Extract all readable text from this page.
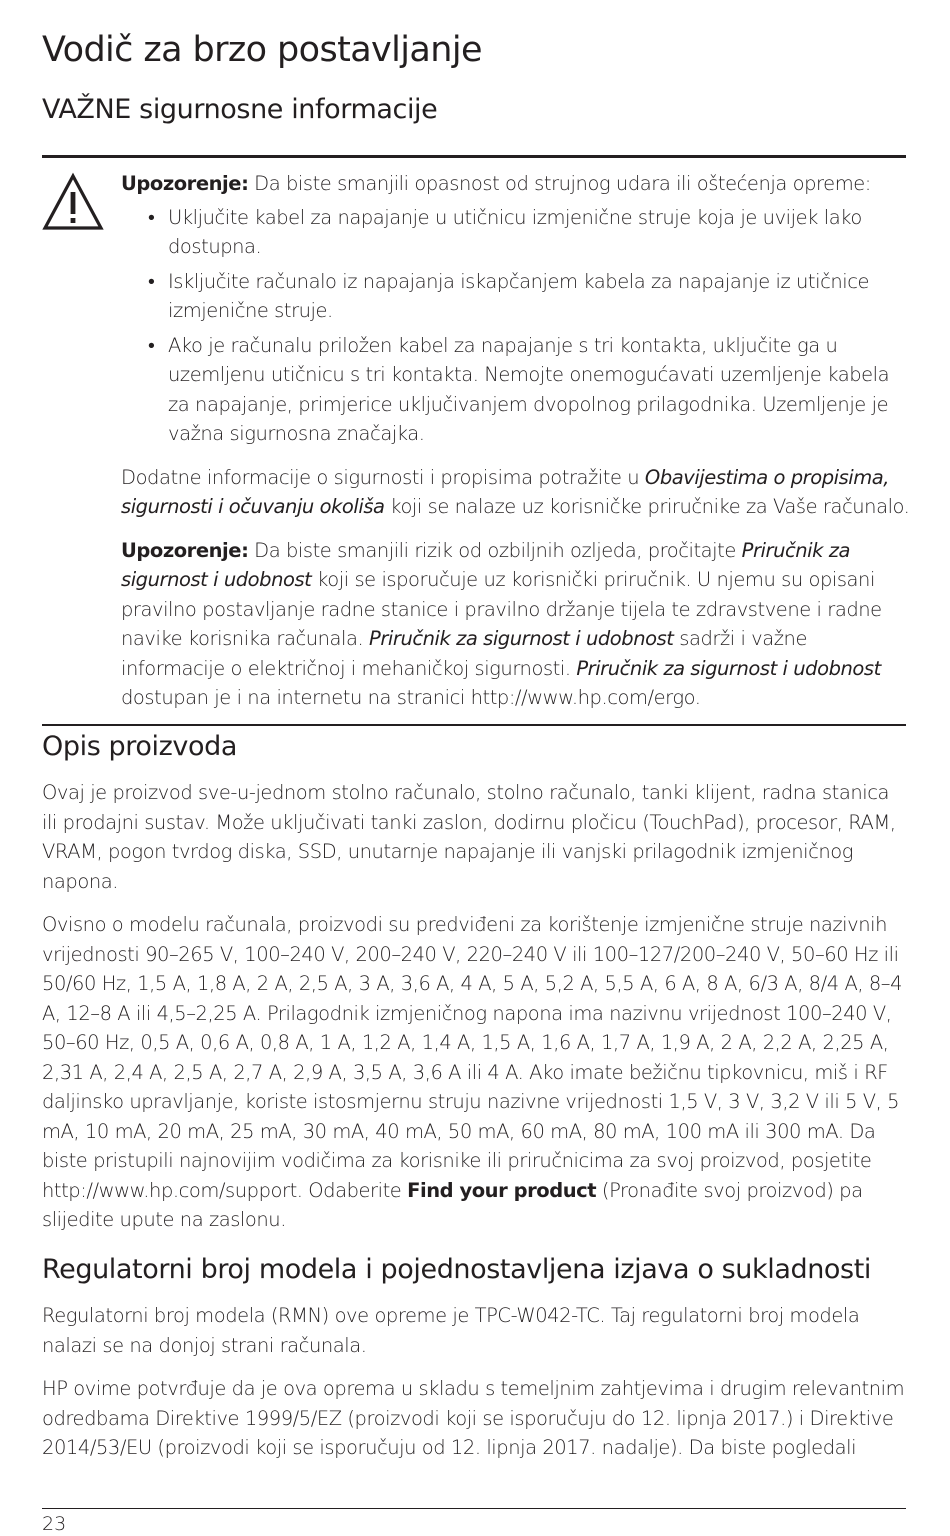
Vodič za brzo postavljanje
VAŽNE sigurnosne informacije

Upozorenje: Da biste smanjili opasnost od strujnog udara ili oštećenja opreme:

• Uključite kabel za napajanje u utičnicu izmjenične struje koja je uvijek lako dostupna.
• Isključite računalo iz napajanja iskapčanjem kabela za napajanje iz utičnice izmjenične struje.
• Ako je računalu priložen kabel za napajanje s tri kontakta, uključite ga u uzemljenu utičnicu s tri kontakta. Nemojte onemogućavati uzemljenje kabela za napajanje, primjerice uključivanjem dvopolnog prilagodnika. Uzemljenje je važna sigurnosna značajka.

Dodatne informacije o sigurnosti i propisima potražite u Obavijestima o propisima, sigurnosti i očuvanju okoliša koji se nalaze uz korisničke priručnike za Vaše računalo.

Upozorenje: Da biste smanjili rizik od ozbiljnih ozljeda, pročitajte Priručnik za sigurnost i udobnost koji se isporučuje uz korisnički priručnik. U njemu su opisani pravilno postavljanje radne stanice i pravilno držanje tijela te zdravstvene i radne navike korisnika računala. Priručnik za sigurnost i udobnost sadrži i važne informacije o električnoj i mehaničkoj sigurnosti. Priručnik za sigurnost i udobnost dostupan je i na internetu na stranici http://www.hp.com/ergo.

Opis proizvoda

Ovaj je proizvod sve-u-jednom stolno računalo, stolno računalo, tanki klijent, radna stanica ili prodajni sustav. Može uključivati tanki zaslon, dodirnu pločicu (TouchPad), procesor, RAM, VRAM, pogon tvrdog diska, SSD, unutarnje napajanje ili vanjski prilagodnik izmjeničnog napona.

Ovisno o modelu računala, proizvodi su predviđeni za korištenje izmjenične struje nazivnih vrijednosti 90–265 V, 100–240 V, 200–240 V, 220–240 V ili 100–127/200–240 V, 50–60 Hz ili 50/60 Hz, 1,5 A, 1,8 A, 2 A, 2,5 A, 3 A, 3,6 A, 4 A, 5 A, 5,2 A, 5,5 A, 6 A, 8 A, 6/3 A, 8/4 A, 8–4 A, 12–8 A ili 4,5–2,25 A. Prilagodnik izmjeničnog napona ima nazivnu vrijednost 100–240 V, 50–60 Hz, 0,5 A, 0,6 A, 0,8 A, 1 A, 1,2 A, 1,4 A, 1,5 A, 1,6 A, 1,7 A, 1,9 A, 2 A, 2,2 A, 2,25 A, 2,31 A, 2,4 A, 2,5 A, 2,7 A, 2,9 A, 3,5 A, 3,6 A ili 4 A. Ako imate bežičnu tipkovnicu, miš i RF daljinsko upravljanje, koriste istosmjernu struju nazivne vrijednosti 1,5 V, 3 V, 3,2 V ili 5 V, 5 mA, 10 mA, 20 mA, 25 mA, 30 mA, 40 mA, 50 mA, 60 mA, 80 mA, 100 mA ili 300 mA. Da biste pristupili najnovijim vodičima za korisnike ili priručnicima za svoj proizvod, posjetite http://www.hp.com/support. Odaberite Find your product (Pronađite svoj proizvod) pa slijedite upute na zaslonu.

Regulatorni broj modela i pojednostavljena izjava o sukladnosti

Regulatorni broj modela (RMN) ove opreme je TPC-W042-TC. Taj regulatorni broj modela nalazi se na donjoj strani računala.

HP ovime potvrđuje da je ova oprema u skladu s temeljnim zahtjevima i drugim relevantnim odredbama Direktive 1999/5/EZ (proizvodi koji se isporučuju do 12. lipnja 2017.) i Direktive 2014/53/EU (proizvodi koji se isporučuju od 12. lipnja 2017. nadalje). Da biste pogledali

23
